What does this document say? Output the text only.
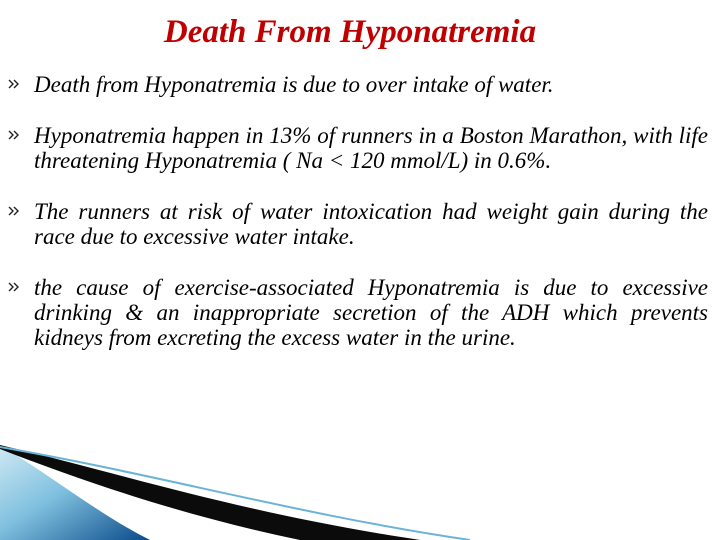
Death From Hyponatremia
Death from Hyponatremia is due to over intake of water.
Hyponatremia happen in 13% of runners in a Boston Marathon, with life threatening Hyponatremia ( Na < 120 mmol/L) in 0.6%.
The runners at risk of water intoxication had weight gain during the race due to excessive water intake.
the cause of exercise-associated Hyponatremia is due to excessive drinking & an inappropriate secretion of the ADH which prevents kidneys from excreting the excess water in the urine.
